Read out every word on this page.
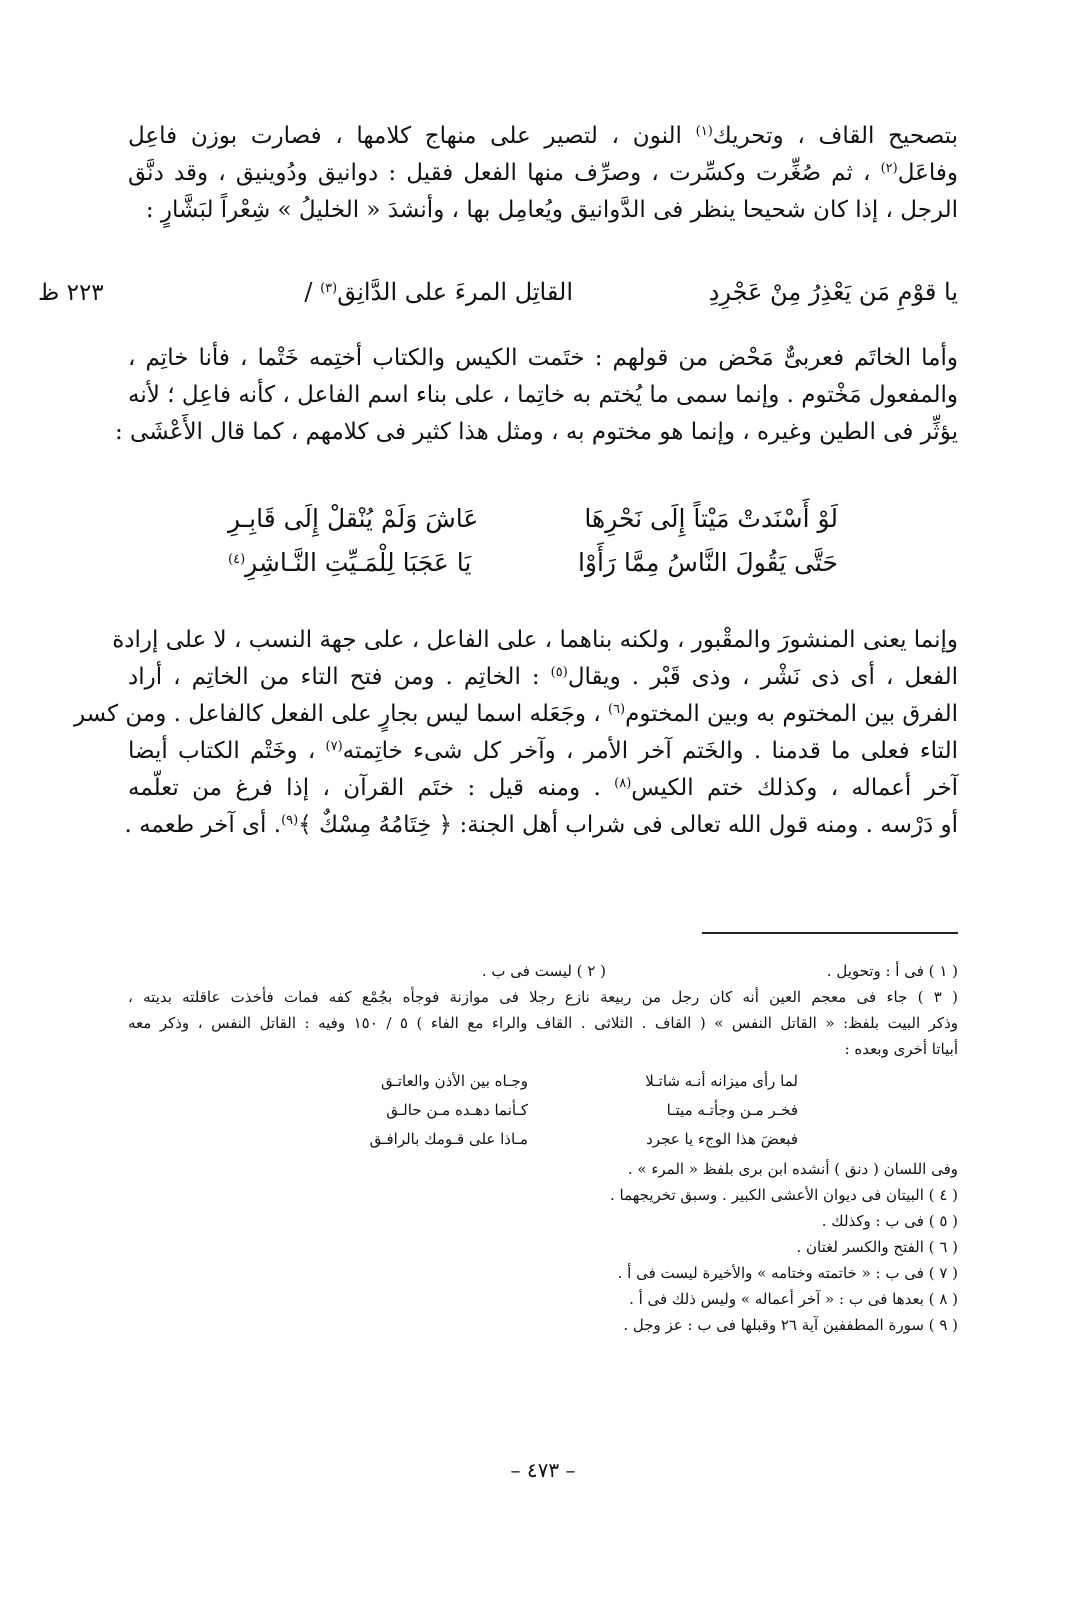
بتصحيح القاف ، وتحريك$^{(١)}$ النون ، لتصير على منهاج كلامها ، فصارت بوزن فاعِل
وفاعَل$^{(٢)}$ ، ثم صُغِّرت وكسِّرت ، وصرِّف منها الفعل فقيل : دوانيق ودُوينيق ، وقد دنَّق
الرجل ، إذا كان شحيحا ينظر فى الدَّوانيق ويُعامِل بها ، وأنشدَ « الخليلُ » شِعْراً لبَشَّارٍ :
يا قوْمِ مَن يَعْذِرُ مِنْ عَجْرِدِ
القاتِل المرءَ على الدَّانِق$^{(٣)}$ /
٢٢٣ ظ
وأما الخاتَم فعربىٌّ مَحْض من قولهم : ختَمت الكيس والكتاب أختِمه خَتْما ، فأنا خاتِم ،
والمفعول مَخْتوم . وإنما سمى ما يُختم به خاتِما ، على بناء اسم الفاعل ، كأنه فاعِل ؛ لأنه
يؤثِّر فى الطين وغيره ، وإنما هو مختوم به ، ومثل هذا كثير فى كلامهم ، كما قال الأَعْشَى :
لَوْ أَسْنَدتْ مَيْتاً إِلَى نَحْرِهَا
عَاشَ وَلَمْ يُنْقلْ إِلَى قَابِـرِ
حَتَّى يَقُولَ النَّاسُ مِمَّا رَأَوْا
يَا عَجَبَا لِلْمَـيِّتِ النَّـاشِرِ$^{(٤)}$
وإنما يعنى المنشورَ والمقْبور ، ولكنه بناهما ، على الفاعل ، على جهة النسب ، لا على إرادة
الفعل ، أى ذى نَشْر ، وذى قَبْر . ويقال$^{(٥)}$ : الخاتِم . ومن فتح التاء من الخاتِم ، أراد
الفرق بين المختوم به وبين المختوم$^{(٦)}$ ، وجَعَله اسما ليس بجارٍ على الفعل كالفاعل . ومن كسر
التاء فعلى ما قدمنا . والخَتم آخر الأمر ، وآخر كل شىء خاتِمته$^{(٧)}$ ، وخَتْم الكتاب أيضا
آخر أعماله ، وكذلك ختم الكيس$^{(٨)}$ . ومنه قيل : ختَم القرآن ، إذا فرغ من تعلّمه
أو دَرْسه . ومنه قول الله تعالى فى شراب أهل الجنة: ﴿ خِتَامُهُ مِسْكٌ ﴾$^{(٩)}$. أى آخر طعمه .
( ١ ) فى أ : وتحويل .
( ٢ ) ليست فى ب .
( ٣ ) جاء فى معجم العين أنه كان رجل من ربيعة نازع رجلا فى موازنة فوجأه بجُمْع كفه فمات فأخذت عاقلته بديته ،
وذكر البيت بلفظ: « القاتل النفس » ( القاف . الثلاثى . القاف والراء مع الفاء ) ٥ / ١٥٠ وفيه : القاتل النفس ، وذكر معه
أبياتا أخرى وبعده :
لما رأى ميزانه أنـه شاتـلا
وجـاه بين الأذن والعاتـق
فخـر مـن وجأتـه ميتـا
كـأنما دهـده مـن حالـق
فبعضَ هذا الوجء يا عجرد
مـاذا على قـومك بالرافـق
وفى اللسان ( دنق ) أنشده ابن برى بلفظ « المرء » .
( ٤ ) البيتان فى ديوان الأعشى الكبير . وسبق تخريجهما .
( ٥ ) فى ب : وكذلك .
( ٦ ) الفتح والكسر لغتان .
( ٧ ) فى ب : « خاتمته وختامه » والأخيرة ليست فى أ .
( ٨ ) بعدها فى ب : « آخر أعماله » وليس ذلك فى أ .
( ٩ ) سورة المطففين آية ٢٦ وقبلها فى ب : عز وجل .
– ٤٧٣ –
